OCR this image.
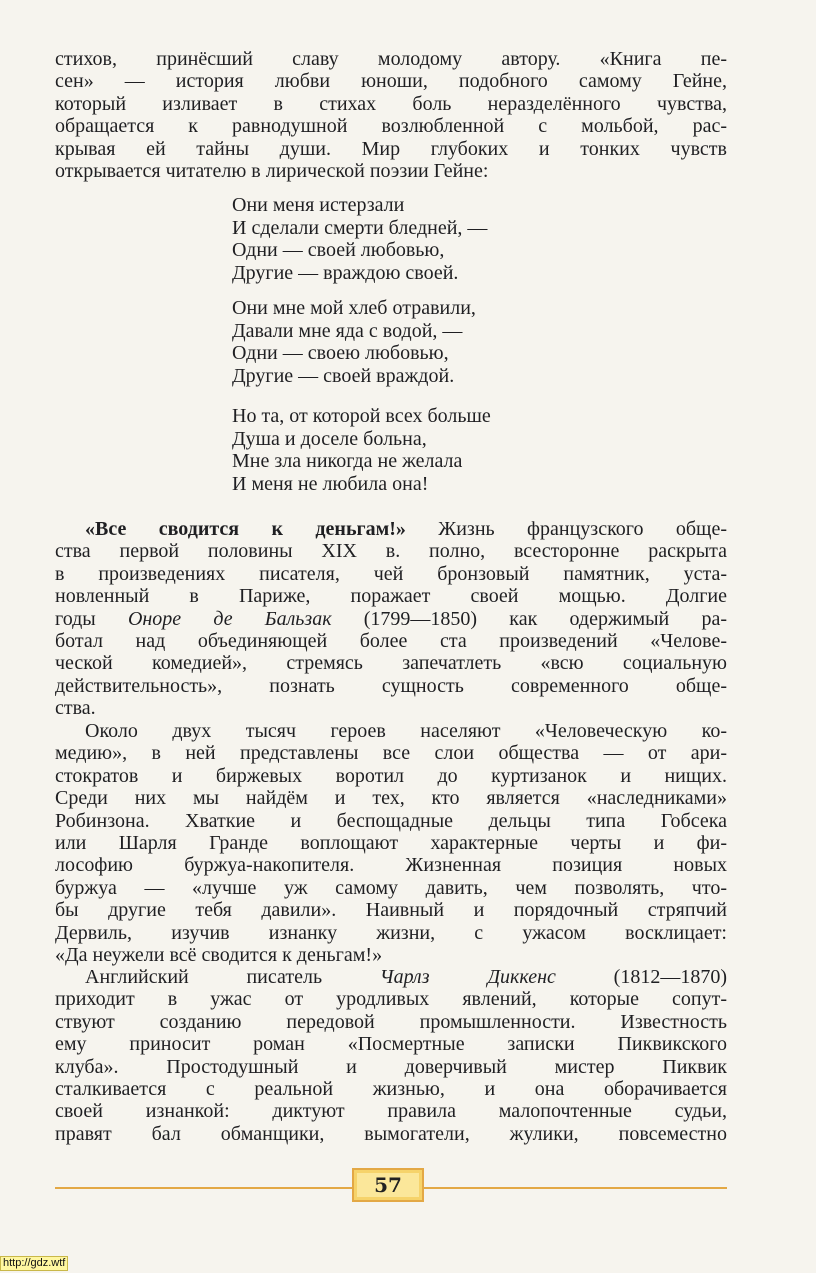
стихов, принёсший славу молодому автору. «Книга пе-
сен» — история любви юноши, подобного самому Гейне,
который изливает в стихах боль неразделённого чувства,
обращается к равнодушной возлюбленной с мольбой, рас-
крывая ей тайны души. Мир глубоких и тонких чувств
открывается читателю в лирической поэзии Гейне:
Они меня истерзали
И сделали смерти бледней, —
Одни — своей любовью,
Другие — враждою своей.
Они мне мой хлеб отравили,
Давали мне яда с водой, —
Одни — своею любовью,
Другие — своей враждой.
Но та, от которой всех больше
Душа и доселе больна,
Мне зла никогда не желала
И меня не любила она!
«Все сводится к деньгам!» Жизнь французского обще-
ства первой половины XIX в. полно, всесторонне раскрыта
в произведениях писателя, чей бронзовый памятник, уста-
новленный в Париже, поражает своей мощью. Долгие
годы Оноре де Бальзак (1799—1850) как одержимый ра-
ботал над объединяющей более ста произведений «Челове-
ческой комедией», стремясь запечатлеть «всю социальную
действительность», познать сущность современного обще-
ства.
Около двух тысяч героев населяют «Человеческую ко-
медию», в ней представлены все слои общества — от ари-
стократов и биржевых воротил до куртизанок и нищих.
Среди них мы найдём и тех, кто является «наследниками»
Робинзона. Хваткие и беспощадные дельцы типа Гобсека
или Шарля Гранде воплощают характерные черты и фи-
лософию буржуа-накопителя. Жизненная позиция новых
буржуа — «лучше уж самому давить, чем позволять, что-
бы другие тебя давили». Наивный и порядочный стряпчий
Дервиль, изучив изнанку жизни, с ужасом восклицает:
«Да неужели всё сводится к деньгам!»
Английский писатель Чарлз Диккенс (1812—1870)
приходит в ужас от уродливых явлений, которые сопут-
ствуют созданию передовой промышленности. Известность
ему приносит роман «Посмертные записки Пиквикского
клуба». Простодушный и доверчивый мистер Пиквик
сталкивается с реальной жизнью, и она оборачивается
своей изнанкой: диктуют правила малопочтенные судьи,
правят бал обманщики, вымогатели, жулики, повсеместно
57
http://gdz.wtf
